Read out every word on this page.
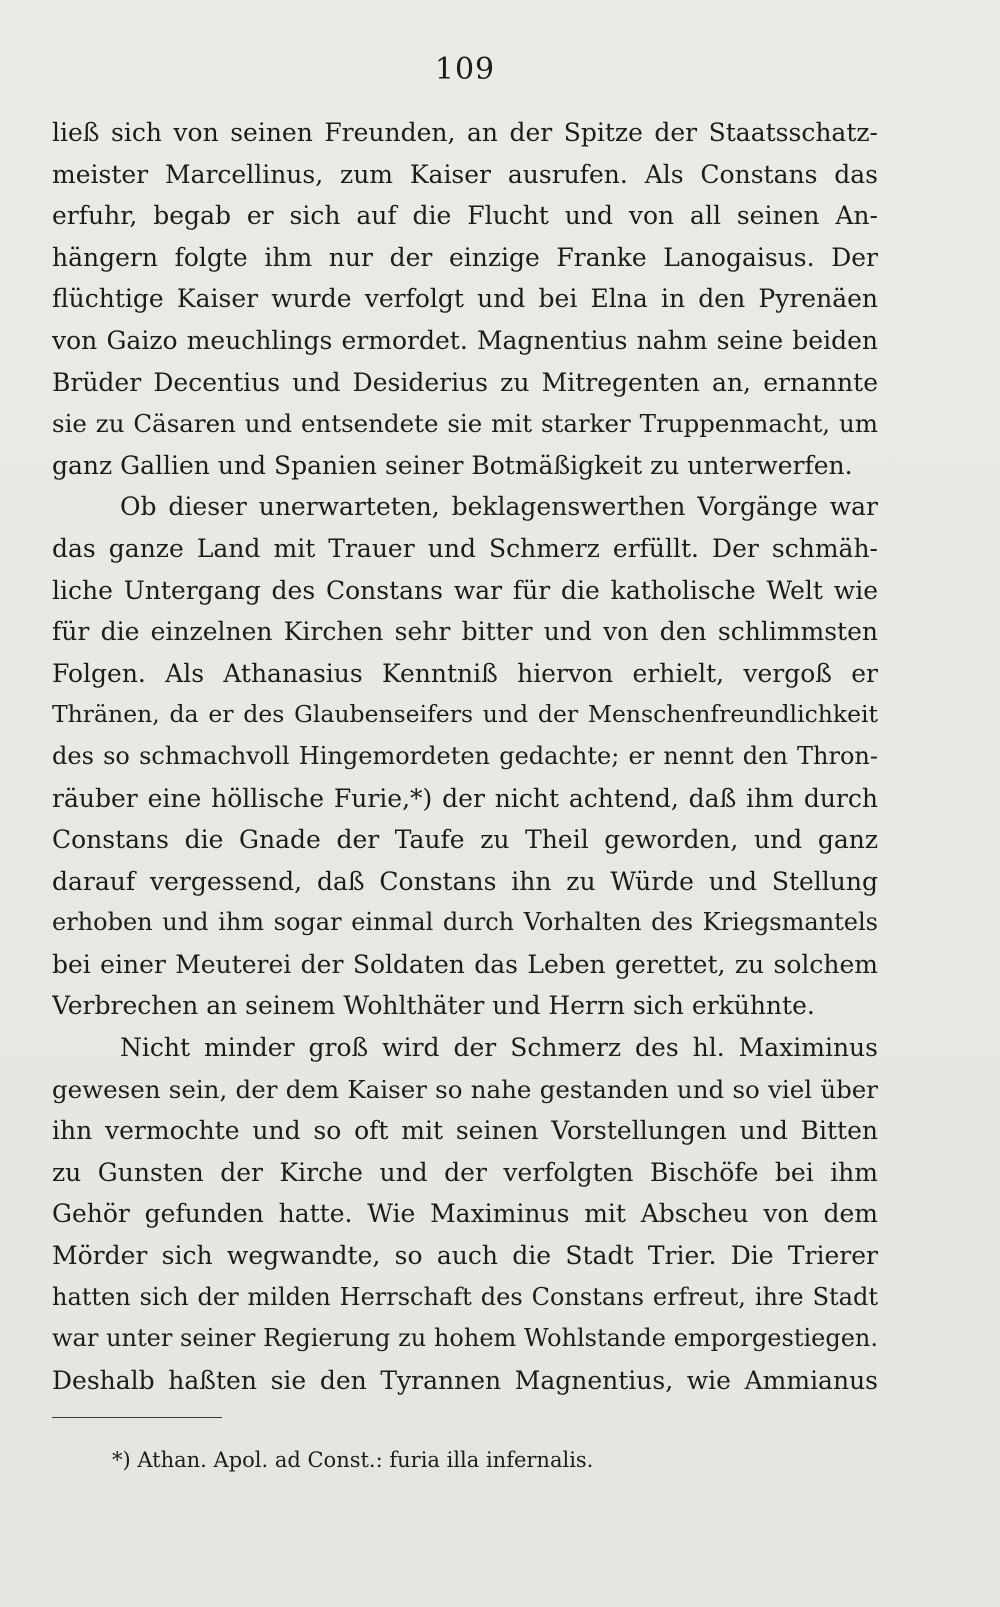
109
ließ sich von seinen Freunden, an der Spitze der Staatsschatz-
meister Marcellinus, zum Kaiser ausrufen. Als Constans das
erfuhr, begab er sich auf die Flucht und von all seinen An-
hängern folgte ihm nur der einzige Franke Lanogaisus. Der
flüchtige Kaiser wurde verfolgt und bei Elna in den Pyrenäen
von Gaizo meuchlings ermordet. Magnentius nahm seine beiden
Brüder Decentius und Desiderius zu Mitregenten an, ernannte
sie zu Cäsaren und entsendete sie mit starker Truppenmacht, um
ganz Gallien und Spanien seiner Botmäßigkeit zu unterwerfen.
Ob dieser unerwarteten, beklagenswerthen Vorgänge war
das ganze Land mit Trauer und Schmerz erfüllt. Der schmäh-
liche Untergang des Constans war für die katholische Welt wie
für die einzelnen Kirchen sehr bitter und von den schlimmsten
Folgen. Als Athanasius Kenntniß hiervon erhielt, vergoß er
Thränen, da er des Glaubenseifers und der Menschenfreundlichkeit
des so schmachvoll Hingemordeten gedachte; er nennt den Thron-
räuber eine höllische Furie,*) der nicht achtend, daß ihm durch
Constans die Gnade der Taufe zu Theil geworden, und ganz
darauf vergessend, daß Constans ihn zu Würde und Stellung
erhoben und ihm sogar einmal durch Vorhalten des Kriegsmantels
bei einer Meuterei der Soldaten das Leben gerettet, zu solchem
Verbrechen an seinem Wohlthäter und Herrn sich erkühnte.
Nicht minder groß wird der Schmerz des hl. Maximinus
gewesen sein, der dem Kaiser so nahe gestanden und so viel über
ihn vermochte und so oft mit seinen Vorstellungen und Bitten
zu Gunsten der Kirche und der verfolgten Bischöfe bei ihm
Gehör gefunden hatte. Wie Maximinus mit Abscheu von dem
Mörder sich wegwandte, so auch die Stadt Trier. Die Trierer
hatten sich der milden Herrschaft des Constans erfreut, ihre Stadt
war unter seiner Regierung zu hohem Wohlstande emporgestiegen.
Deshalb haßten sie den Tyrannen Magnentius, wie Ammianus
*) Athan. Apol. ad Const.: furia illa infernalis.
